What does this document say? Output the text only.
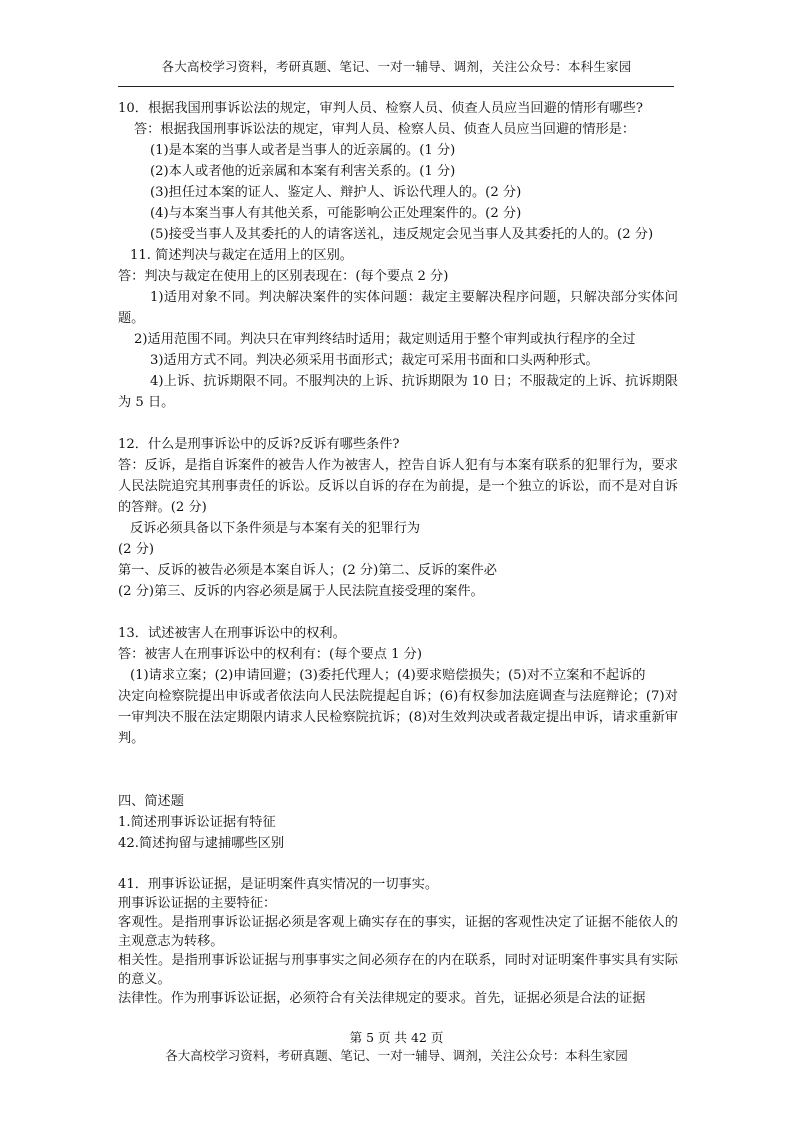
各大高校学习资料，考研真题、笔记、一对一辅导、调剂，关注公众号：本科生家园
10．根据我国刑事诉讼法的规定，审判人员、检察人员、侦查人员应当回避的情形有哪些?
答：根据我国刑事诉讼法的规定，审判人员、检察人员、侦查人员应当回避的情形是：
(1)是本案的当事人或者是当事人的近亲属的。(1 分)
(2)本人或者他的近亲属和本案有利害关系的。(1 分)
(3)担任过本案的证人、鉴定人、辩护人、诉讼代理人的。(2 分)
(4)与本案当事人有其他关系，可能影响公正处理案件的。(2 分)
(5)接受当事人及其委托的人的请客送礼，违反规定会见当事人及其委托的人的。(2 分)
11. 简述判决与裁定在适用上的区别。
答：判决与裁定在使用上的区别表现在：(每个要点 2 分)
1)适用对象不同。判决解决案件的实体问题：裁定主要解决程序问题，只解决部分实体问题。
2)适用范围不同。判决只在审判终结时适用；裁定则适用于整个审判或执行程序的全过
3)适用方式不同。判决必须采用书面形式；裁定可采用书面和口头两种形式。
4)上诉、抗诉期限不同。不服判决的上诉、抗诉期限为 10 日；不服裁定的上诉、抗诉期限为 5 日。
12．什么是刑事诉讼中的反诉?反诉有哪些条件?
答：反诉，是指自诉案件的被告人作为被害人，控告自诉人犯有与本案有联系的犯罪行为，要求人民法院追究其刑事责任的诉讼。反诉以自诉的存在为前提，是一个独立的诉讼，而不是对自诉的答辩。(2 分)
反诉必须具备以下条件须是与本案有关的犯罪行为
(2 分)
第一、反诉的被告必须是本案自诉人；(2 分)第二、反诉的案件必
(2 分)第三、反诉的内容必须是属于人民法院直接受理的案件。
13．试述被害人在刑事诉讼中的权利。
答：被害人在刑事诉讼中的权利有：(每个要点 1 分)
(1)请求立案；(2)申请回避；(3)委托代理人；(4)要求赔偿损失；(5)对不立案和不起诉的
决定向检察院提出申诉或者依法向人民法院提起自诉；(6)有权参加法庭调查与法庭辩论；(7)对一审判决不服在法定期限内请求人民检察院抗诉；(8)对生效判决或者裁定提出申诉，请求重新审判。
四、简述题
1.简述刑事诉讼证据有特征
42.简述拘留与逮捕哪些区别
41．刑事诉讼证据，是证明案件真实情况的一切事实。
刑事诉讼证据的主要特征：
客观性。是指刑事诉讼证据必须是客观上确实存在的事实，证据的客观性决定了证据不能依人的主观意志为转移。
相关性。是指刑事诉讼证据与刑事事实之间必须存在的内在联系，同时对证明案件事实具有实际的意义。
法律性。作为刑事诉讼证据，必须符合有关法律规定的要求。首先，证据必须是合法的证据
第 5 页 共 42 页
各大高校学习资料，考研真题、笔记、一对一辅导、调剂，关注公众号：本科生家园
